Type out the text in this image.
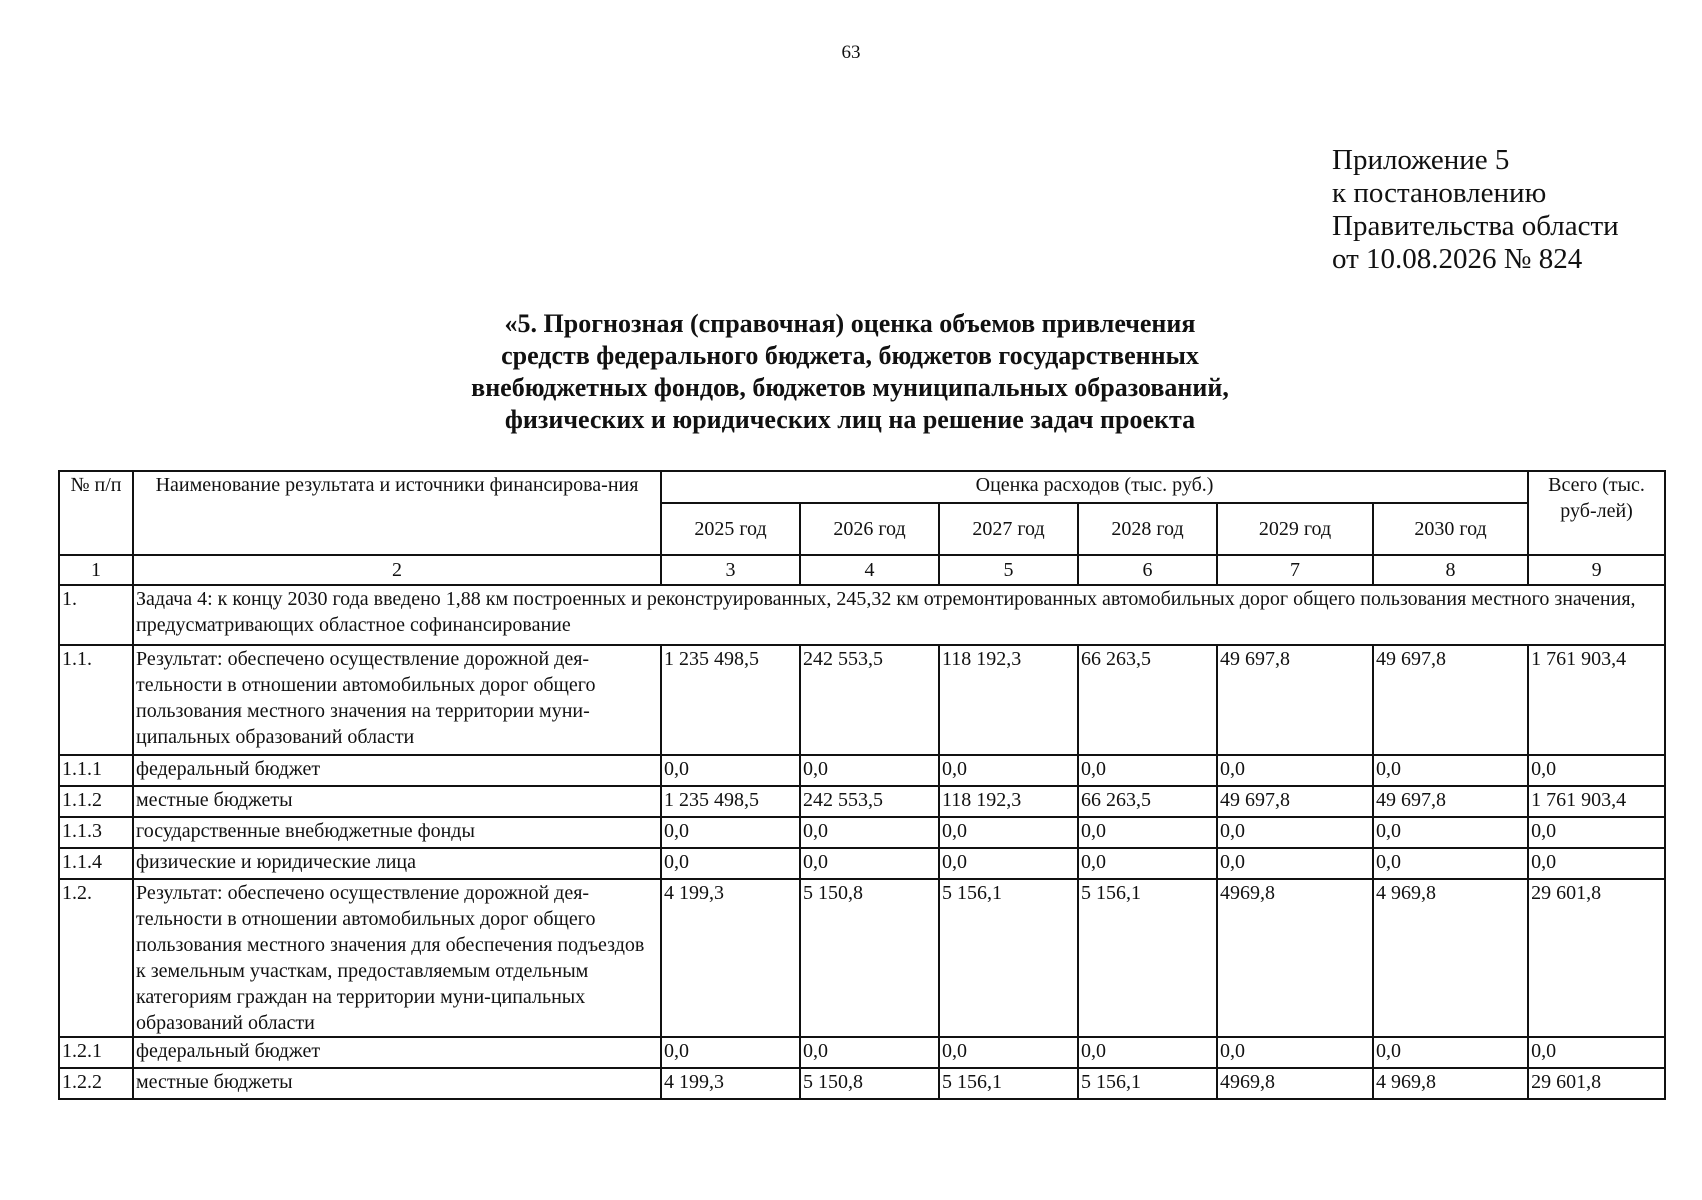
63
Приложение 5
к постановлению
Правительства области
от 10.08.2026 № 824
«5. Прогнозная (справочная) оценка объемов привлечения
средств федерального бюджета, бюджетов государственных
внебюджетных фондов, бюджетов муниципальных образований,
физических и юридических лиц на решение задач проекта
№ п/п	Наименование результата и источники финансирова-ния	Оценка расходов (тыс. руб.)						Всего (тыс. руб-лей)
		2025 год	2026 год	2027 год	2028 год	2029 год	2030 год	
1	2	3	4	5	6	7	8	9
1.	Задача 4: к концу 2030 года введено 1,88 км построенных и реконструированных, 245,32 км отремонтированных автомобильных дорог общего пользования местного значения, предусматривающих областное софинансирование							
1.1.	Результат: обеспечено осуществление дорожной дея-тельности в отношении автомобильных дорог общего пользования местного значения на территории муни-ципальных образований области	1 235 498,5	242 553,5	118 192,3	66 263,5	49 697,8	49 697,8	1 761 903,4
1.1.1	федеральный бюджет	0,0	0,0	0,0	0,0	0,0	0,0	0,0
1.1.2	местные бюджеты	1 235 498,5	242 553,5	118 192,3	66 263,5	49 697,8	49 697,8	1 761 903,4
1.1.3	государственные внебюджетные фонды	0,0	0,0	0,0	0,0	0,0	0,0	0,0
1.1.4	физические и юридические лица	0,0	0,0	0,0	0,0	0,0	0,0	0,0
1.2.	Результат: обеспечено осуществление дорожной дея-тельности в отношении автомобильных дорог общего пользования местного значения для обеспечения подъездов к земельным участкам, предоставляемым отдельным категориям граждан на территории муни-ципальных образований области	4 199,3	5 150,8	5 156,1	5 156,1	4969,8	4 969,8	29 601,8
1.2.1	федеральный бюджет	0,0	0,0	0,0	0,0	0,0	0,0	0,0
1.2.2	местные бюджеты	4 199,3	5 150,8	5 156,1	5 156,1	4969,8	4 969,8	29 601,8
